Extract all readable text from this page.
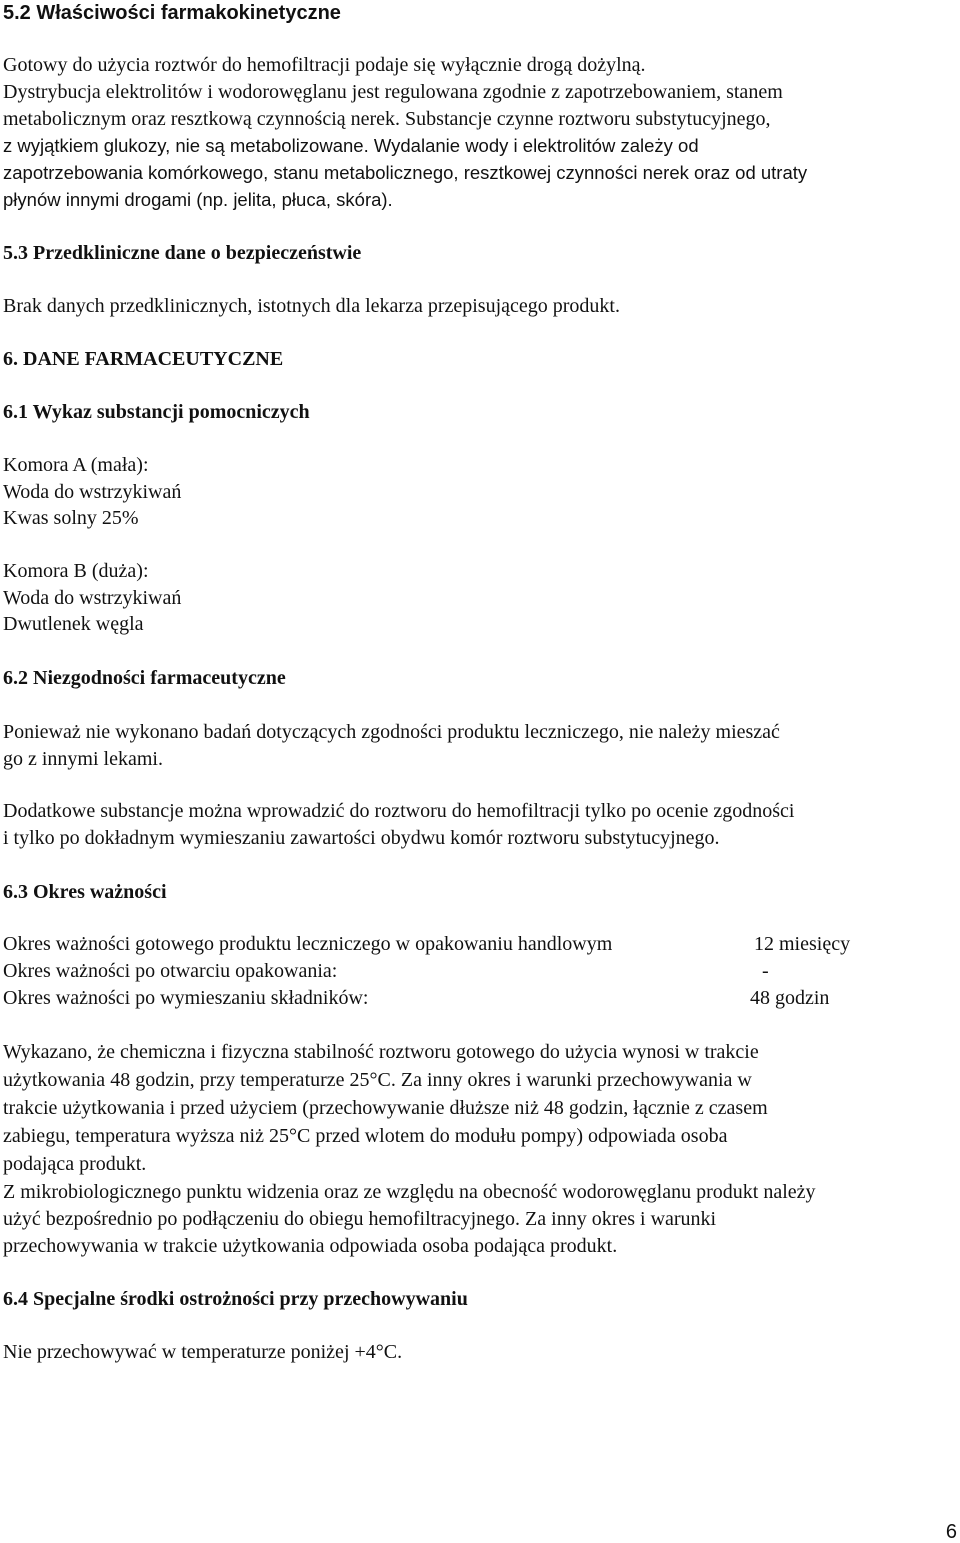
5.2 Właściwości farmakokinetyczne
Gotowy do użycia roztwór do hemofiltracji podaje się wyłącznie drogą dożylną.
Dystrybucja elektrolitów i wodorowęglanu jest regulowana zgodnie z zapotrzebowaniem, stanem
metabolicznym oraz resztkową czynnością nerek. Substancje czynne roztworu substytucyjnego,
z wyjątkiem glukozy, nie są metabolizowane. Wydalanie wody i elektrolitów zależy od
zapotrzebowania komórkowego, stanu metabolicznego, resztkowej czynności nerek oraz od utraty
płynów innymi drogami (np. jelita, płuca, skóra).
5.3 Przedkliniczne dane o bezpieczeństwie
Brak danych przedklinicznych, istotnych dla lekarza przepisującego produkt.
6. DANE FARMACEUTYCZNE
6.1 Wykaz substancji pomocniczych
Komora A (mała):
Woda do wstrzykiwań
Kwas solny 25%
Komora B (duża):
Woda do wstrzykiwań
Dwutlenek węgla
6.2 Niezgodności farmaceutyczne
Ponieważ nie wykonano badań dotyczących zgodności produktu leczniczego, nie należy mieszać
go z innymi lekami.
Dodatkowe substancje można wprowadzić do roztworu do hemofiltracji tylko po ocenie zgodności
i tylko po dokładnym wymieszaniu zawartości obydwu komór roztworu substytucyjnego.
6.3 Okres ważności
Okres ważności gotowego produktu leczniczego w opakowaniu handlowym	12 miesięcy
Okres ważności po otwarciu opakowania:	-
Okres ważności po wymieszaniu składników:	48 godzin
Wykazano, że chemiczna i fizyczna stabilność roztworu gotowego do użycia wynosi w trakcie
użytkowania 48 godzin, przy temperaturze 25°C. Za inny okres i warunki przechowywania w
trakcie użytkowania i przed użyciem (przechowywanie dłuższe niż 48 godzin, łącznie z czasem
zabiegu, temperatura wyższa niż 25°C przed wlotem do modułu pompy) odpowiada osoba
podająca produkt.
Z mikrobiologicznego punktu widzenia oraz ze względu na obecność wodorowęglanu produkt należy
użyć bezpośrednio po podłączeniu do obiegu hemofiltracyjnego. Za inny okres i warunki
przechowywania w trakcie użytkowania odpowiada osoba podająca produkt.
6.4 Specjalne środki ostrożności przy przechowywaniu
Nie przechowywać w temperaturze poniżej +4°C.
6
